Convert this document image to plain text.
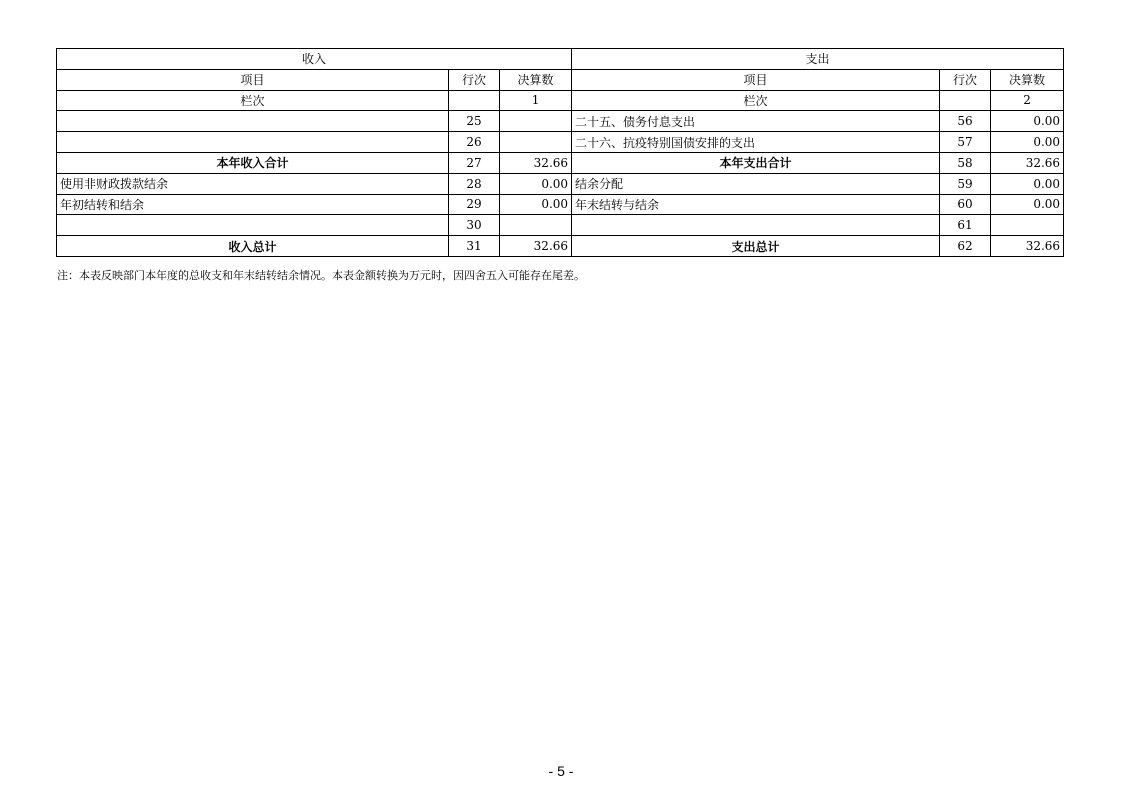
收入			支出		
项目	行次	决算数	项目	行次	决算数
栏次		1	栏次		2
	25		二十五、债务付息支出	56	0.00
	26		二十六、抗疫特别国债安排的支出	57	0.00
本年收入合计	27	32.66	本年支出合计	58	32.66
使用非财政拨款结余	28	0.00	结余分配	59	0.00
年初结转和结余	29	0.00	年末结转与结余	60	0.00
	30			61	
收入总计	31	32.66	支出总计	62	32.66
注：本表反映部门本年度的总收支和年末结转结余情况。本表金额转换为万元时，因四舍五入可能存在尾差。
- 5 -
